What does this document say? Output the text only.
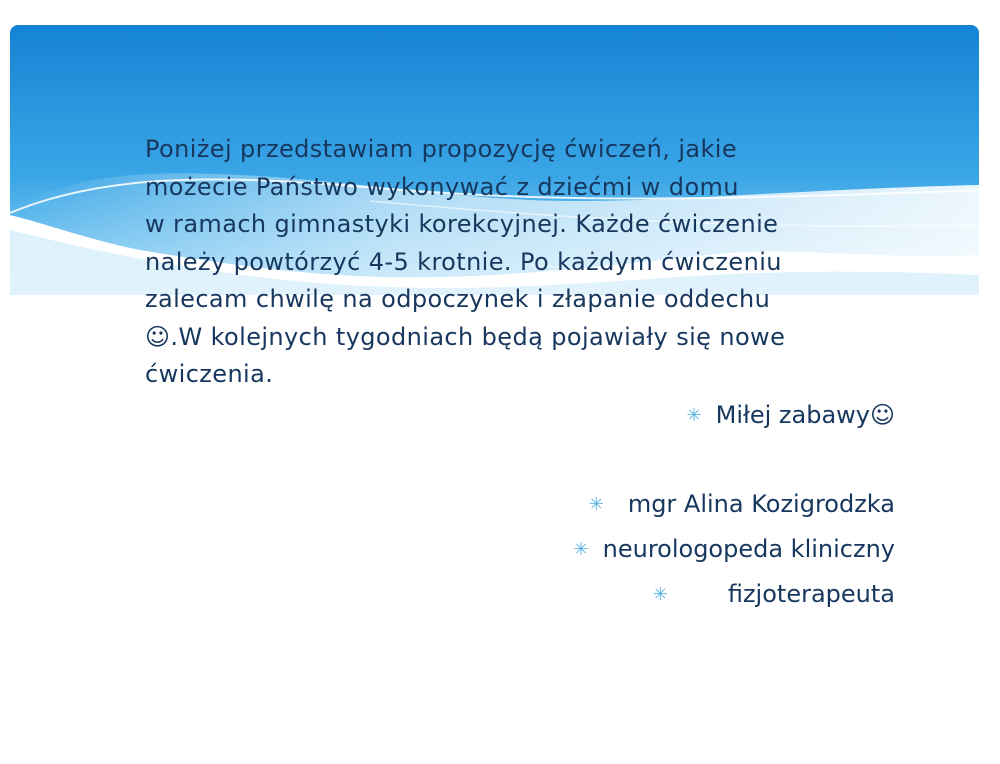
Poniżej przedstawiam propozycję ćwiczeń, jakie

możecie Państwo wykonywać z dziećmi w domu

w ramach gimnastyki korekcyjnej. Każde ćwiczenie

należy powtórzyć 4-5 krotnie. Po każdym ćwiczeniu

zalecam chwilę na odpoczynek i złapanie oddechu

☺.W kolejnych tygodniach będą pojawiały się nowe

ćwiczenia.

✳ Miłej zabawy☺
✳ mgr Alina Kozigrodzka
✳ neurologopeda kliniczny
✳	fizjoterapeuta
